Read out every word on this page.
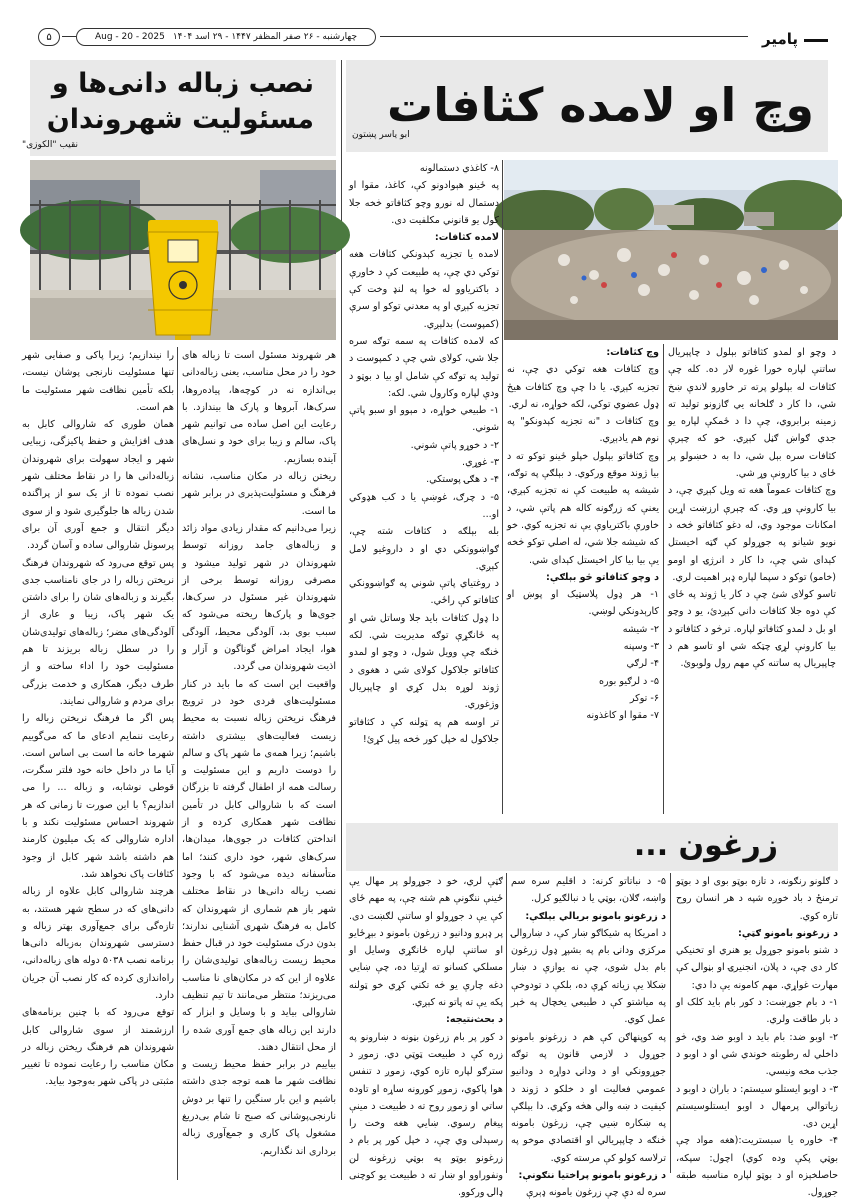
پامیر
چهارشنبه - ۲۶ صفر المظفر ۱۴۴۷ - ۲۹ اسد ۱۴۰۴
Aug - 20 - 2025
۵
وچ او لامده کثافات
ابو یاسر پښتون

د وچو او لمدو کثافاتو بېلول د چاپېریال ساتنې لپاره خورا غوره لار ده. کله چې کثافات له بېلولو پرته تر خاورو لاندې ښخ شي، دا کار د ګلخانه یي ګازونو تولید ته زمینه برابروي، چې دا د ځمکې لپاره یو جدي ګواښ ګڼل کېږي. خو که چېرې کثافات سره بېل شي، دا به د خښولو پر ځای د بیا کارونې وړ شي.

وچ کثافات عموماً هغه ته ویل کېږي چې، د بیا کارونې وړ وي. که چېرې ارزښت اړین امکانات موجود وي، له دغو کثافاتو څخه د نویو شیانو په جوړولو کې ګټه اخیستل کېدای شي چې، دا کار د انرژۍ او اومو (خامو) توکو د سپما لپاره ډېر اهمیت لري.

تاسو کولای شئ چې د کار یا ژوند په ځای کې دوه جلا کثافات داني کېږدئ، یو د وچو او بل د لمدو کثافاتو لپاره. ترڅو د کثافاتو د بیا کارونې لړۍ چټکه شي او تاسو هم د چاپېریال په ساتنه کې مهم رول ولوبوئ.

وچ کثافات:

وچ کثافات هغه توکي دي چې، نه تجزیه کېږي. یا دا چې وچ کثافات هیڅ ډول عضوي توکي، لکه خواړه، نه لري.

وچ کثافات د "نه تجزیه کېدونکو" په نوم هم یادېږي.

وچ کثافاتو بېلول خپلو ځینو توکو ته د بیا ژوند موقع ورکوي. د بېلګې په توګه، شیشه په طبیعت کې نه تجزیه کېږي، یعنې که زرګونه کاله هم پاتې شي، د خاورې باکتریاوې یې نه تجزیه کوي. خو که شیشه جلا شي، له اصلي توکو څخه یې بیا بیا کار اخیستل کېدای شي.

د وچو کثافاتو څو بېلګې:

۱- هر ډول پلاسټیک او پوښ او کارېدونکي لوښي.

۲- شیشه

۳- وسپنه

۴- لرګي

۵- د لرګیو بوره

۶- توکر

۷- مقوا او کاغذونه

۸- کاغذي دستمالونه

په ځینو هېوادونو کې، کاغذ، مقوا او دستمال له نورو وچو کثافاتو څخه جلا کول یو قانوني مکلفیت دی.

لامده کثافات:

لامده یا تجزیه کېدونکي کثافات هغه توکي دي چې، په طبیعت کې د خاورې د باکتریاوو له خوا په لنډ وخت کې تجزیه کېږي او په معدني توکو او سرې (کمپوست) بدلېږي.

که لامده کثافات په سمه توګه سره جلا شي، کولای شي چې د کمپوست د تولید په توګه کې شامل او بیا د بوټو د ودې لپاره وکارول شي. لکه:

۱- طبیعي خواړه، د مېوو او سبو پاتې شوني.

۲- د خوړو پاتې شوني.

۳- غوړي.

۴- د هګۍ پوستکي.

۵- د چرګ، غوښې یا د کب هډوکي او...

بله بېلګه د کثافات شته چې، ګواښوونکي دي او د داروغیو لامل کېږي.

د روغتیاي پاتې شوني په ګواښوونکي کثافاتو کې راځي.

دا ډول کثافات باید جلا وساتل شي او په ځانګړې توګه مدیریت شي. لکه څنګه چې وویل شول، د وچو او لمدو کثافاتو جلاکول کولای شي د هغوی د ژوند لوړه بدل کړي او چاپېریال وژغوري.

تر اوسه هم په ټولنه کې د کثافاتو جلاکول له خپل کور څخه پیل کړئ!

نصب زباله دانی‌ها و
مسئولیت شهروندان
نقیب "الکوزی"

هر شهروند مسئول است تا زباله های خود را در محل مناسب، یعنی زباله‌دانی بی‌اندازه نه در کوچه‌ها، پیاده‌روها، سرک‌ها، آبروها و پارک ها بیندازد. با رعایت این اصل ساده می توانیم شهر پاک، سالم و زیبا برای خود و نسل‌های آینده بسازیم.

ریختن زباله در مکان مناسب، نشانه فرهنگ و مسئولیت‌پذیری در برابر شهر ما است.

زیرا می‌دانیم که مقدار زیادی مواد زائد و زباله‌های جامد روزانه توسط شهروندان در شهر تولید میشود و مصرفی روزانه توسط برخی از شهروندان غیر مسئول در سرک‌ها، جوی‌ها و پارک‌ها ریخته می‌شود که سبب بوی بد، آلودگی محیط، آلودگی هوا، ایجاد امراض گوناگون و آزار و اذیت شهروندان می گردد.

واقعیت این است که ما باید در کنار مسئولیت‌های فردی خود در ترویج فرهنگ نریختن زباله نسبت به محیط زیست فعالیت‌های بیشتری داشته باشیم؛ زیرا همه‌ی ما شهر پاک و سالم را دوست داریم و این مسئولیت و رسالت همه از اطفال گرفته تا بزرگان است که با شاروالی کابل در تأمین نظافت شهر همکاری کرده و از انداختن کثافات در جوی‌ها، میدان‌ها، سرک‌های شهر، خود داری کنند؛ اما متأسفانه دیده می‌شود که با وجود نصب زباله دانی‌ها در نقاط مختلف شهر باز هم شماری از شهروندان که کامل به فرهنگ شهری آشنایی ندارند؛ بدون درک مسئولیت خود در قبال حفظ محیط زیست زباله‌های تولیدی‌شان را علاوه از این که در مکان‌های نا مناسب می‌ریزند؛ منتظر می‌مانند تا تیم تنظیف شاروالی بیاید و با وسایل و ابزار که دارند این زباله های جمع آوری شده را از محل انتقال دهند.

بیاییم در برابر حفظ محیط زیست و نظافت شهر ما همه توجه جدی داشته باشیم و این بار سنگین را تنها بر دوش نارنجی‌پوشانی که صبح تا شام بی‌دریغ مشغول پاک کاری و جمع‌آوری زباله برداری اند نگذاریم.

را نیندازیم؛ زیرا پاکی و صفایی شهر تنها مسئولیت نارنجی پوشان نیست، بلکه تأمین نظافت شهر مسئولیت ما هم است.

همان طوری که شاروالی کابل به هدف افزایش و حفظ پاکیزگی، زیبایی شهر و ایجاد سهولت برای شهروندان زباله‌دانی ها را در نقاط مختلف شهر نصب نموده تا از یک سو از پراگنده شدن زباله ها جلوگیری شود و از سوی دیگر انتقال و جمع آوری آن برای پرسونل شاروالی ساده و آسان گردد.

پس توقع می‌رود که شهروندان فرهنگ نریختن زباله را در جای نامناسب جدی بگیرند و زباله‌های شان را برای داشتن یک شهر پاک، زیبا و عاری از آلودگی‌های مضر؛ زباله‌های تولیدی‌شان را در سطل زباله بریزند تا هم مسئولیت خود را اداء ساخته و از طرف دیگر، همکاری و خدمت بزرگی برای مردم و شاروالی نمایند.

پس اگر ما فرهنگ نریختن زباله را رعایت ننمایم ادعای ما که می‌گوییم شهرما خانه ما است بی اساس است. آیا ما در داخل خانه خود فلتر سگرت، قوطی نوشابه، و زباله ... را می اندازیم؟ با این صورت تا زمانی که هر شهروند احساس مسئولیت نکند و با اداره شاروالی که یک میلیون کارمند هم داشته باشد شهر کابل از وجود کثافات پاک نخواهد شد.

هرچند شاروالی کابل علاوه از زباله دانی‌های که در سطح شهر هستند، به تازه‌گی برای جمع‌آوری بهتر زباله و دسترسی شهروندان به‌زباله دانی‌ها برنامه نصب ۵۰۳۸ دوله های زباله‌دانی، راه‌اندازی کرده که کار نصب آن جریان دارد.

توقع می‌رود که با چنین برنامه‌های ارزشمند از سوی شاروالی کابل شهروندان هم فرهنگ ریختن زباله در مکان مناسب را رعایت نموده تا تغییر مثبتی در پاکی شهر به‌وجود بیاید.

زرغون ...

د ګلونو رنګونه، د تازه بوټو بوی او د بوټو ترمنځ د باد خوږه شپه د هر انسان روح تازه کوي.

د زرغونو بامونو ګټې:

د شنو بامونو جوړول یو هنري او تخنیکي کار دی چې، د پلان، انجنیرۍ او بڼوالۍ کې مهارت غواړي. مهم کامونه یې دا دي:

۱- د بام جوړښت: د کور بام باید کلک او د بار طاقت ولري.

۲- اوبو ضد: بام باید د اوبو ضد وي، څو داخلي له رطوبته خوندي شي او د اوبو د جذب مخه ونیسي.

۳- د اوبو ایستلو سیستم: د باران د اوبو د زیاتوالي پرمهال د اوبو ایستلوسیستم اړین دی.

۴- خاوره یا سبستریت:(هغه مواد چې بوټي پکې وده کوي) اچول: سپکه، حاصلخېزه او د بوټو لپاره مناسبه طبقه جوړول.

۵- د نباتاتو کرنه: د اقلیم سره سم واښه، ګلان، بوټي یا د نبالګیو کرل.

د زرغونو بامونو بریالي بېلګې:

د امریکا په شیکاګو ښار کې، د ښاروالۍ مرکزي ودانۍ بام په بشپړ ډول زرغون بام بدل شوی، چې نه یوازې د ښار ښکلا یې زیاته کړې ده، بلکې د تودوخې په میاشتو کې د طبیعي یخچال په څېر عمل کوي.

په کوپنهاګن کې هم د زرغونو بامونو جوړول د لازمي قانون په توګه جوړوونکي او د ودانۍ دواړه د ودانیو عمومي فعالیت او د خلکو د ژوند د کیفیت د ښه والي هڅه وکړي. دا بېلګې په ښکاره ښیي چې، زرغون بامونه څنګه د چاپېریالي او اقتصادي موخو په ترلاسه کولو کې مرسته کوي.

د زرغونو بامونو پراختیا ننګونې:

سره له دې چې زرغون بامونه ډېرې

ګټې لري، خو د جوړولو پر مهال یې ځینې ننګونې هم شته چې، په مهم ځای کې یې د جوړولو او ساتنې لګښت دی. پر ډېرو ودانیو د زرغون بامونو د بېړځایو او ساتنې لپاره ځانګړي وسایل او مسلکي کسانو ته اړتیا ده، چې ښایي دغه چارې یو څه تکني کړي خو ټولنه پکه یې ته پاتو نه کېږي.

د بحث‌نتیجه:

د کور پر بام زرغون بڼونه د ښارونو په زره کې د طبیعت ټوټي دي. زموږ د سترګو لپاره تازه کوي، زموږ د تنفس هوا پاکوي، زموږ کورونه ساړه او تاوده ساتي او زموږ روح ته د طبیعت د مینې پیغام رسوي. ښایي هغه وخت را رسېدلی وي چې، د خپل کور پر بام د زرغونو بوټو په بوټي زرغونه لن ونفوراوو او ښار ته د طبیعت یو کوچنی ډالۍ ورکوو.
